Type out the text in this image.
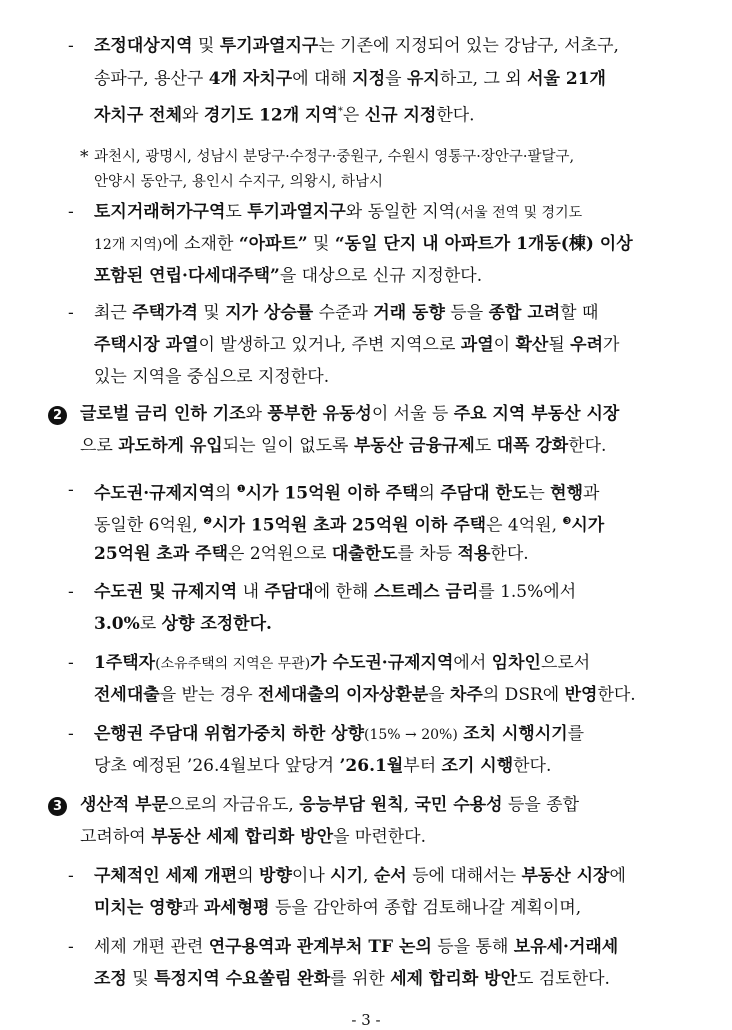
- 3 -
- 조정대상지역 및 투기과열지구는 기존에 지정되어 있는 강남구, 서초구,
송파구, 용산구 4개 자치구에 대해 지정을 유지하고, 그 외 서울 21개
자치구 전체와 경기도 12개 지역*은 신규 지정한다.
* 과천시, 광명시, 성남시 분당구·수정구·중원구, 수원시 영통구·장안구·팔달구,
안양시 동안구, 용인시 수지구, 의왕시, 하남시
- 토지거래허가구역도 투기과열지구와 동일한 지역(서울 전역 및 경기도
12개 지역)에 소재한 “아파트” 및 “동일 단지 내 아파트가 1개동(棟) 이상
포함된 연립·다세대주택”을 대상으로 신규 지정한다.
- 최근 주택가격 및 지가 상승률 수준과 거래 동향 등을 종합 고려할 때
주택시장 과열이 발생하고 있거나, 주변 지역으로 과열이 확산될 우려가
있는 지역을 중심으로 지정한다.
2 글로벌 금리 인하 기조와 풍부한 유동성이 서울 등 주요 지역 부동산 시장
으로 과도하게 유입되는 일이 없도록 부동산 금융규제도 대폭 강화한다.
- 수도권·규제지역의 $^❶$시가 15억원 이하 주택의 주담대 한도는 현행과
동일한 6억원, $^❷$시가 15억원 초과 25억원 이하 주택은 4억원, $^❸$시가
25억원 초과 주택은 2억원으로 대출한도를 차등 적용한다.
- 수도권 및 규제지역 내 주담대에 한해 스트레스 금리를 1.5%에서
3.0%로 상향 조정한다.
- 1주택자(소유주택의 지역은 무관)가 수도권·규제지역에서 임차인으로서
전세대출을 받는 경우 전세대출의 이자상환분을 차주의 DSR에 반영한다.
- 은행권 주담대 위험가중치 하한 상향(15% → 20%) 조치 시행시기를
당초 예정된 ’26.4월보다 앞당겨 ’26.1월부터 조기 시행한다.
3 생산적 부문으로의 자금유도, 응능부담 원칙, 국민 수용성 등을 종합
고려하여 부동산 세제 합리화 방안을 마련한다.
- 구체적인 세제 개편의 방향이나 시기, 순서 등에 대해서는 부동산 시장에
미치는 영향과 과세형평 등을 감안하여 종합 검토해나갈 계획이며,
- 세제 개편 관련 연구용역과 관계부처 TF 논의 등을 통해 보유세·거래세
조정 및 특정지역 수요쏠림 완화를 위한 세제 합리화 방안도 검토한다.
